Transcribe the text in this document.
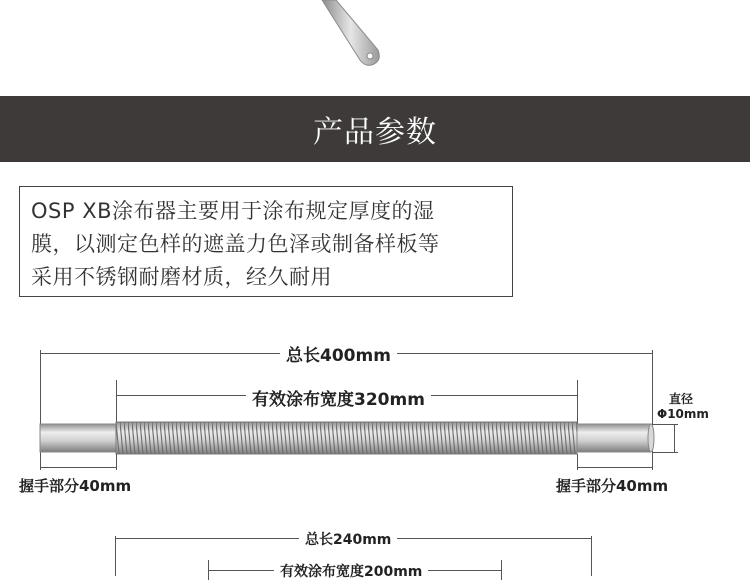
产品参数
OSP XB涂布器主要用于涂布规定厚度的湿
膜，以测定色样的遮盖力色泽或制备样板等
采用不锈钢耐磨材质，经久耐用
总长400mm
有效涂布宽度320mm	直径
Φ10mm
握手部分40mm	握手部分40mm
总长240mm
有效涂布宽度200mm
